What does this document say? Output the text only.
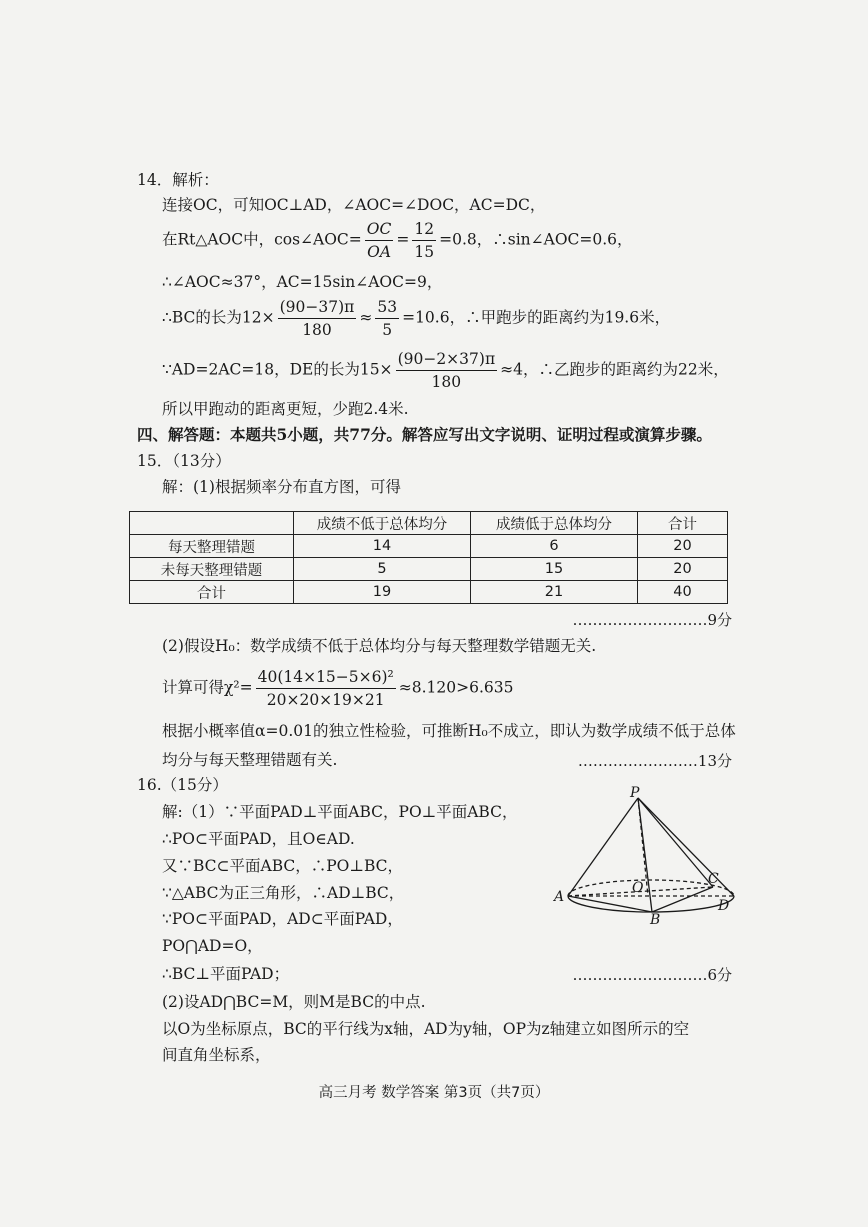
14．解析：
连接OC，可知OC⊥AD，∠AOC=∠DOC，AC=DC，
在Rt△AOC中，cos∠AOC= $\frac{OC}{OA} = \frac{12}{15} =0.8$，∴sin∠AOC=0.6，
∴∠AOC≈37°，AC=15sin∠AOC=9，
∴BC的长为$12\times \frac{(90-37)\pi}{180} \approx \frac{53}{5} =10.6$，∴甲跑步的距离约为19.6米，
∵AD=2AC=18，DE的长为$15\times \frac{(90-2\times 37)\pi}{180} \approx 4$，∴乙跑步的距离约为22米，
所以甲跑动的距离更短，少跑2.4米.
四、解答题：本题共5小题，共77分。解答应写出文字说明、证明过程或演算步骤。
15．（13分）
解：(1)根据频率分布直方图，可得
	成绩不低于总体均分	成绩低于总体均分	合计
每天整理错题	14	6	20
未每天整理错题	5	15	20
合计	19	21	40
………………………9分
(2)假设H₀：数学成绩不低于总体均分与每天整理数学错题无关.
计算可得$\chi^2= \frac{\text{40(14×15−5×6)²}}{20\times 20\times 19\times 21} \approx 8.120>6.635$
根据小概率值α=0.01的独立性检验，可推断H₀不成立，即认为数学成绩不低于总体
均分与每天整理错题有关.	……………………13分
16.（15分）
解:（1）∵平面PAD⊥平面ABC，PO⊥平面ABC，
∴PO⊂平面PAD，且O∈AD.
又∵BC⊂平面ABC，∴PO⊥BC，
∵△ABC为正三角形，∴AD⊥BC，
∵PO⊂平面PAD，AD⊂平面PAD，
PO⋂AD=O，
∴BC⊥平面PAD；	………………………6分
(2)设AD⋂BC=M，则M是BC的中点.
以O为坐标原点，BC的平行线为x轴，AD为y轴，OP为z轴建立如图所示的空
间直角坐标系，
P
A
O
C
D
B
高三月考 数学答案 第3页（共7页）
